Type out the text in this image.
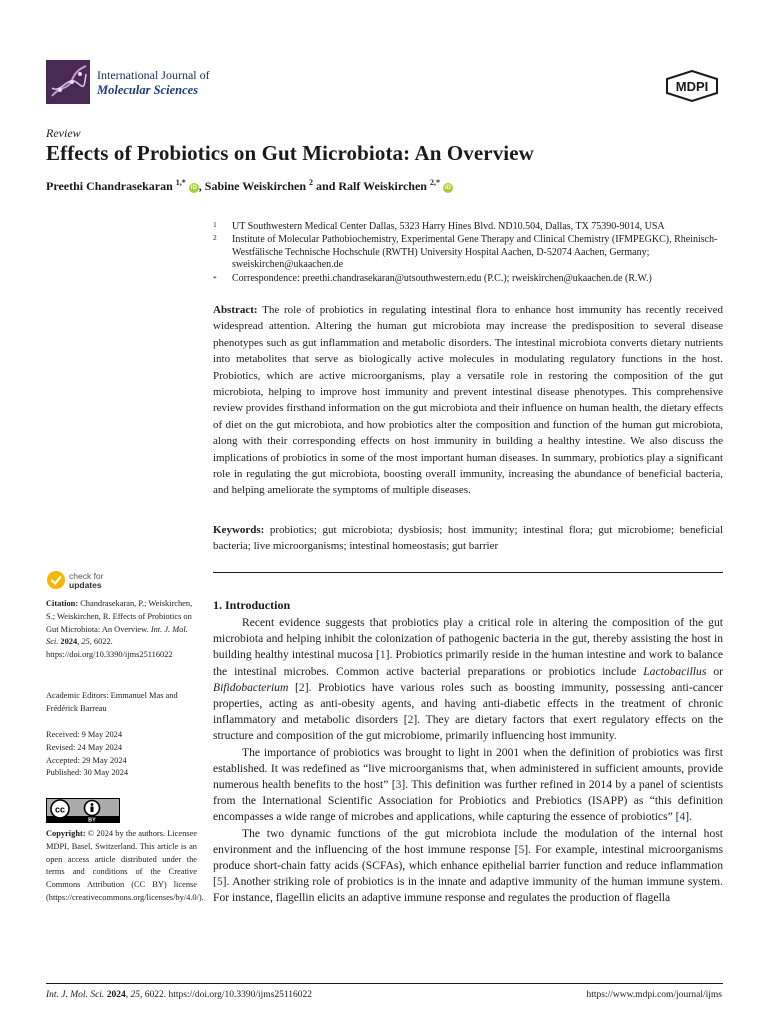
International Journal of
Molecular Sciences	MDPI
Review
Effects of Probiotics on Gut Microbiota: An Overview
Preethi Chandrasekaran $^{1,*}$ iD , Sabine Weiskirchen $^2$ and Ralf Weiskirchen $^{2,*}$ iD
1 UT Southwestern Medical Center Dallas, 5323 Harry Hines Blvd. ND10.504, Dallas, TX 75390-9014, USA
2 Institute of Molecular Pathobiochemistry, Experimental Gene Therapy and Clinical Chemistry (IFMPEGKC), Rheinisch-Westfälische Technische Hochschule (RWTH) University Hospital Aachen, D-52074 Aachen, Germany; sweiskirchen@ukaachen.de
* Correspondence: preethi.chandrasekaran@utsouthwestern.edu (P.C.); rweiskirchen@ukaachen.de (R.W.)
Abstract: The role of probiotics in regulating intestinal flora to enhance host immunity has recently received widespread attention. Altering the human gut microbiota may increase the predisposition to several disease phenotypes such as gut inflammation and metabolic disorders. The intestinal microbiota converts dietary nutrients into metabolites that serve as biologically active molecules in modulating regulatory functions in the host. Probiotics, which are active microorganisms, play a versatile role in restoring the composition of the gut microbiota, helping to improve host immunity and prevent intestinal disease phenotypes. This comprehensive review provides firsthand information on the gut microbiota and their influence on human health, the dietary effects of diet on the gut microbiota, and how probiotics alter the composition and function of the human gut microbiota, along with their corresponding effects on host immunity in building a healthy intestine. We also discuss the implications of probiotics in some of the most important human diseases. In summary, probiotics play a significant role in regulating the gut microbiota, boosting overall immunity, increasing the abundance of beneficial bacteria, and helping ameliorate the symptoms of multiple diseases.
Keywords: probiotics; gut microbiota; dysbiosis; host immunity; intestinal flora; gut microbiome; beneficial bacteria; live microorganisms; intestinal homeostasis; gut barrier
check for
updates
Citation: Chandrasekaran, P.; Weiskirchen, S.; Weiskirchen, R. Effects of Probiotics on Gut Microbiota: An Overview. Int. J. Mol. Sci. 2024, 25, 6022. https://doi.org/10.3390/ijms25116022
Academic Editors: Emmanuel Mas and Frédérick Barreau
Received: 9 May 2024
Revised: 24 May 2024
Accepted: 29 May 2024
Published: 30 May 2024
cc
BY
Copyright: © 2024 by the authors. Licensee MDPI, Basel, Switzerland. This article is an open access article distributed under the terms and conditions of the Creative Commons Attribution (CC BY) license (https://creativecommons.org/licenses/by/4.0/).
1. Introduction

Recent evidence suggests that probiotics play a critical role in altering the composition of the gut microbiota and helping inhibit the colonization of pathogenic bacteria in the gut, thereby assisting the host in building healthy intestinal mucosa [1]. Probiotics primarily reside in the human intestine and work to balance the intestinal microbes. Common active bacterial preparations or probiotics include Lactobacillus or Bifidobacterium [2]. Probiotics have various roles such as boosting immunity, possessing anti-cancer properties, acting as anti-obesity agents, and having anti-diabetic effects in the treatment of chronic inflammatory and metabolic disorders [2]. They are dietary factors that exert regulatory effects on the structure and composition of the gut microbiome, primarily influencing host immunity.

The importance of probiotics was brought to light in 2001 when the definition of probiotics was first established. It was redefined as “live microorganisms that, when administered in sufficient amounts, provide numerous health benefits to the host” [3]. This definition was further refined in 2014 by a panel of scientists from the International Scientific Association for Probiotics and Prebiotics (ISAPP) as “this definition encompasses a wide range of microbes and applications, while capturing the essence of probiotics” [4].

The two dynamic functions of the gut microbiota include the modulation of the internal host environment and the influencing of the host immune response [5]. For example, intestinal microorganisms produce short-chain fatty acids (SCFAs), which enhance epithelial barrier function and reduce inflammation [5]. Another striking role of probiotics is in the innate and adaptive immunity of the human immune system. For instance, flagellin elicits an adaptive immune response and regulates the production of flagella

Int. J. Mol. Sci. 2024, 25, 6022. https://doi.org/10.3390/ijms25116022	https://www.mdpi.com/journal/ijms
